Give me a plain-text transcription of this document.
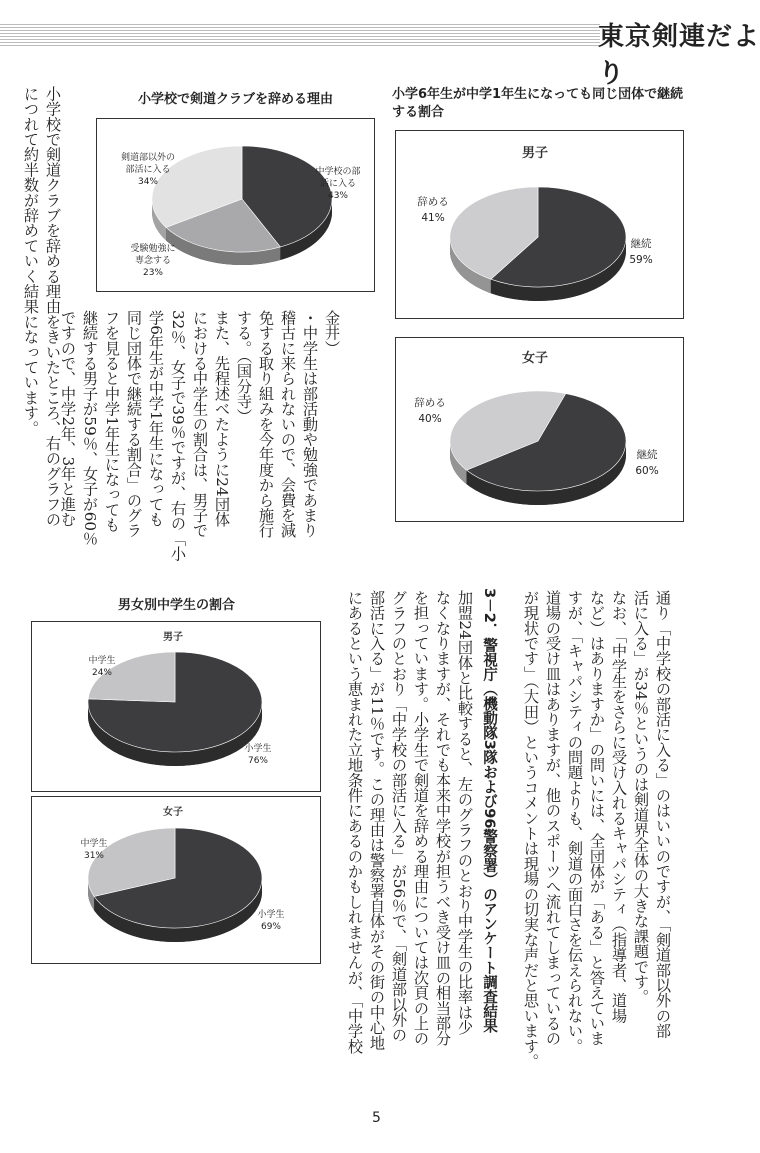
東京剣連だより
小学校で剣道クラブを辞める理由	小学6年生が中学1年生になっても同じ団体で継続する割合
男女別中学生の割合
男子
女子
男子
女子
中学校の部活に入る 43%
受験勉強に専念する 23%
剣道部以外の部活に入る 34%
継続 59%
辞める 41%
継続 60%
辞める 40%
小学生 76%
中学生 24%
小学生 69%
中学生 31%
小学校で剣道クラブを辞める理由をきいたところ、右のグラフの
につれて約半数が辞めていく結果になっています。	金井）
・中学生は部活動や勉強であまり
稽古に来られないので、会費を減
免する取り組みを今年度から施行
する。（国分寺）
また、先程述べたように24団体
における中学生の割合は、男子で
32％、女子で39％ですが、右の「小
学6年生が中学1年生になっても
同じ団体で継続する割合」のグラ
フを見ると中学1年生になっても
継続する男子が59％、女子が60％
ですので、中学2年、3年と進む
通り「中学校の部活に入る」のはいいのですが、「剣道部以外の部
活に入る」が34％というのは剣道界全体の大きな課題です。
なお、「中学生をさらに受け入れるキャパシティ（指導者、道場
など）はありますか」の問いには、全団体が「ある」と答えていま
すが、「キャパシティの問題よりも、剣道の面白さを伝えられない。
道場の受け皿はありますが、他のスポーツへ流れてしまっているの
が現状です」（大田）というコメントは現場の切実な声だと思います。
3－2．警視庁（機動隊3隊および96警察署）のアンケート調査結果
加盟24団体と比較すると、左のグラフのとおり中学生の比率は少
なくなりますが、それでも本来中学校が担うべき受け皿の相当部分
を担っています。小学生で剣道を辞める理由については次頁の上の
グラフのとおり「中学校の部活に入る」が56％で、「剣道部以外の
部活に入る」が11％です。この理由は警察署自体がその街の中心地
にあるという恵まれた立地条件にあるのかもしれませんが、「中学校
5
